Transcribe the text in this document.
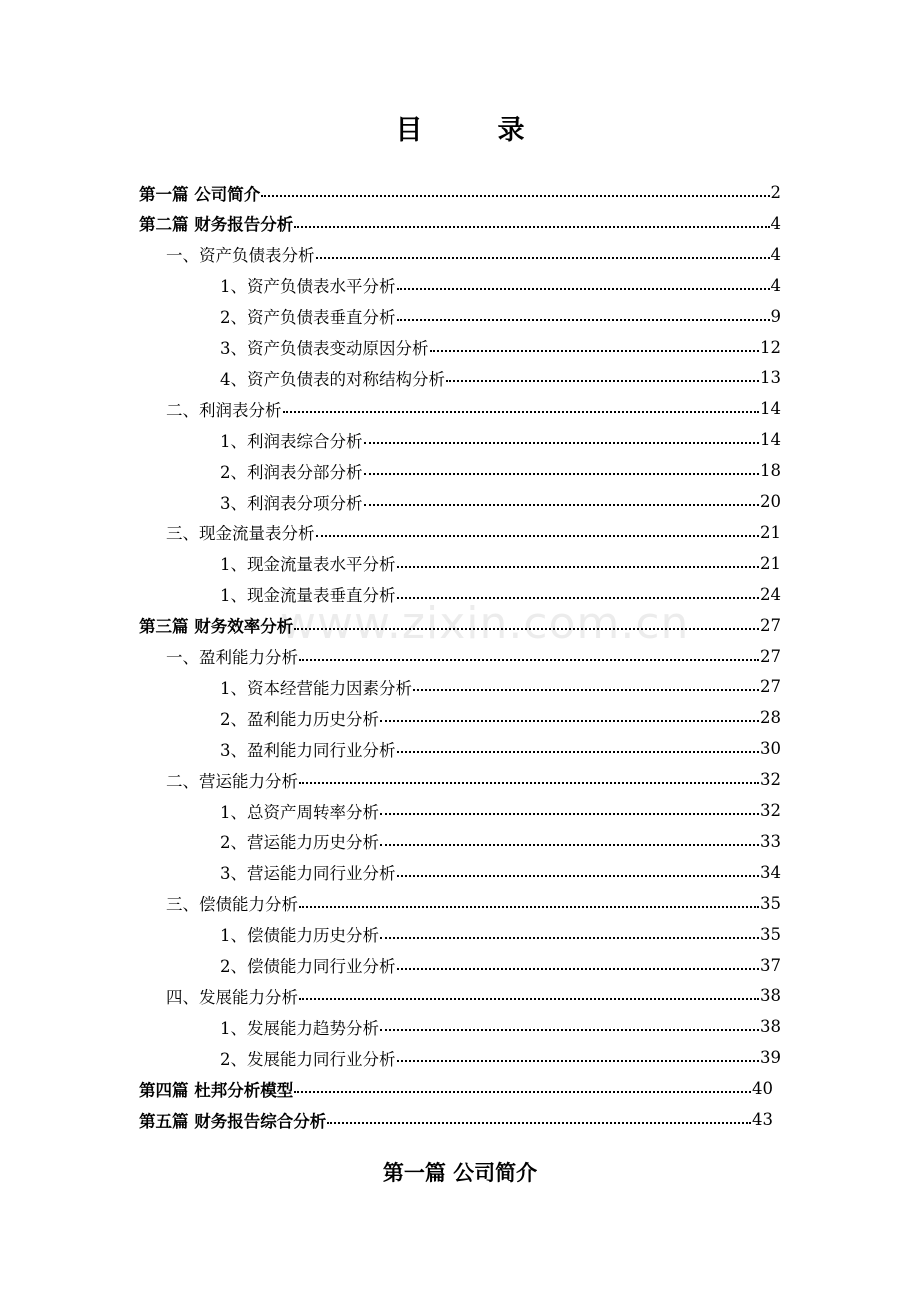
目　录
www.zixin.com.cn
第一篇 公司简介	2
第二篇 财务报告分析	4
一、资产负债表分析	4
1、资产负债表水平分析	4
2、资产负债表垂直分析	9
3、资产负债表变动原因分析	12
4、资产负债表的对称结构分析	13
二、利润表分析	14
1、利润表综合分析	14
2、利润表分部分析	18
3、利润表分项分析	20
三、现金流量表分析	21
1、现金流量表水平分析	21
1、现金流量表垂直分析	24
第三篇 财务效率分析	27
一、盈利能力分析	27
1、资本经营能力因素分析	27
2、盈利能力历史分析	28
3、盈利能力同行业分析	30
二、营运能力分析	32
1、总资产周转率分析	32
2、营运能力历史分析	33
3、营运能力同行业分析	34
三、偿债能力分析	35
1、偿债能力历史分析	35
2、偿债能力同行业分析	37
四、发展能力分析	38
1、发展能力趋势分析	38
2、发展能力同行业分析	39
第四篇 杜邦分析模型	40
第五篇 财务报告综合分析	43
第一篇 公司简介
